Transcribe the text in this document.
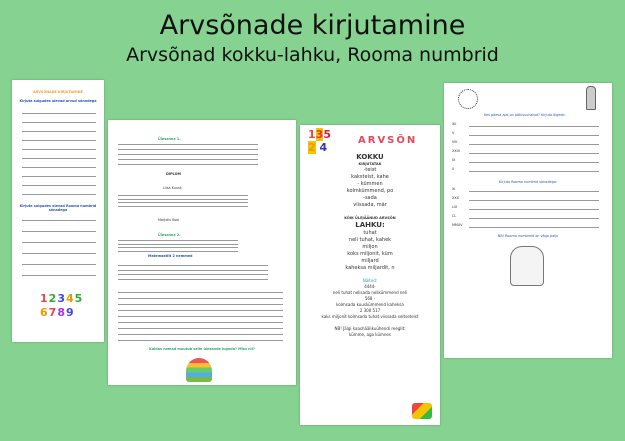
Arvsõnade kirjutamine
Arvsõnad kokku-lahku, Rooma numbrid
ARVSÕNADE KIRJUTAMINE
Kirjuta sulgudes olevad arvud sõnadega
Kirjuta sulgudes olevad Rooma numbrid sõnadega
12345
6789
Ülesanne 1.
DIPLOM
Liisa Kuusk
Marjolis Kool
Ülesanne 2.
Matemaatilt 2 nemmed
Kuidas nemad muutub selle ülesande lugeda? Miks nii?
135
2 4
ARVSÕN
KOKKU
KIRJUTATAK
-teist
kaksteist, kahe
- kümmen
kolmkümmend, po
-sada
viissada, mär
KÕIK ÜLEJÄÄNUD ARVSÕN
LAHKU:
tuhat
neli tuhat, kahek
miljon
koks miljonit, küm
miljard
kaheksa miljardit, n
Näited:
4444-
neli tuhat nelisada nelikümmend neli
568 -
kolmsada kuuskümmend kaheksa
2 300 517
kaks miljonit kolmsada tuhat viissada seitseteist
NB! Jälgi kaashäälikuühendi reeglit:
kümme, aga kümnes
Kes päeva ajal on põhisuunatud? Kirjuta õigesti:
Kirjuta Rooma numbrid sõnadega:
NB! Rooma numbreid on väga palju
XII
V
VIII
XXIII
IX
II
XI
XXX
LIX
CL
MMXV
